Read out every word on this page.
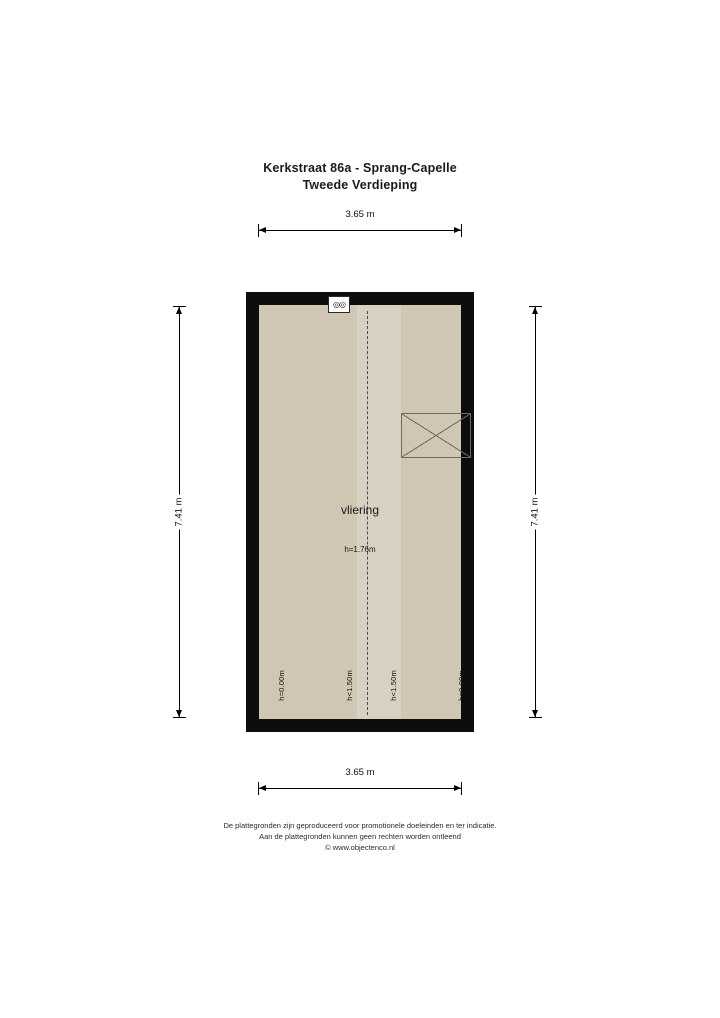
Kerkstraat 86a - Sprang-Capelle
Tweede Verdieping
3.65 m
7.41 m	7.41 m
vliering
h=1.76m
h=0.00m	h<1.50m	h<1.50m	h=0.00m
◎◎
3.65 m
De plattegronden zijn geproduceerd voor promotionele doeleinden en ter indicatie.
Aan de plattegronden kunnen geen rechten worden ontleend
© www.objectenco.nl
